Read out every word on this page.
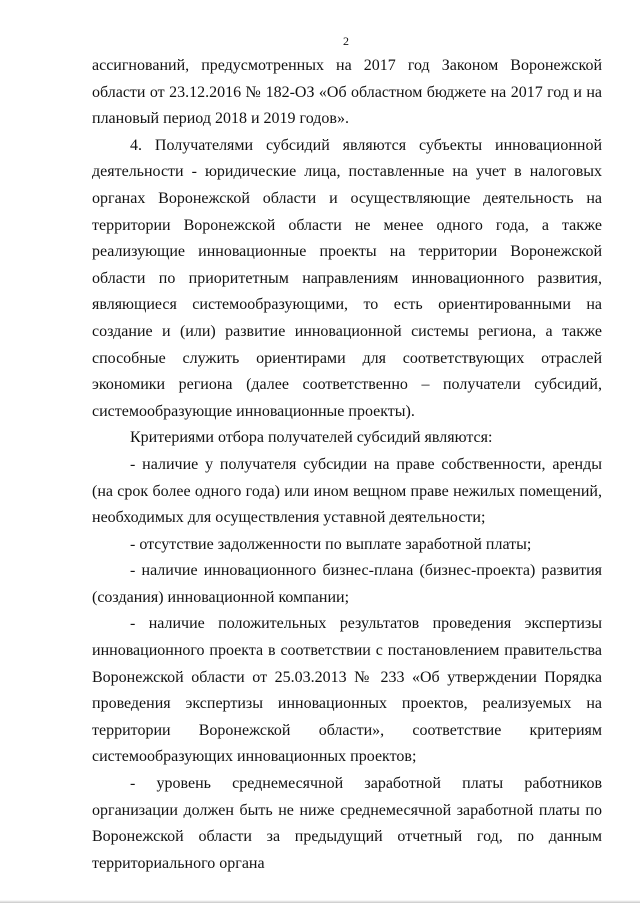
2

ассигнований, предусмотренных на 2017 год Законом Воронежской области от 23.12.2016 № 182-ОЗ «Об областном бюджете на 2017 год и на плановый период 2018 и 2019 годов».

4. Получателями субсидий являются субъекты инновационной деятельности - юридические лица, поставленные на учет в налоговых органах Воронежской области и осуществляющие деятельность на территории Воронежской области не менее одного года, а также реализующие инновационные проекты на территории Воронежской области по приоритетным направлениям инновационного развития, являющиеся системообразующими, то есть ориентированными на создание и (или) развитие инновационной системы региона, а также способные служить ориентирами для соответствующих отраслей экономики региона (далее соответственно – получатели субсидий, системообразующие инновационные проекты).

Критериями отбора получателей субсидий являются:

- наличие у получателя субсидии на праве собственности, аренды (на срок более одного года) или ином вещном праве нежилых помещений, необходимых для осуществления уставной деятельности;

- отсутствие задолженности по выплате заработной платы;

- наличие инновационного бизнес-плана (бизнес-проекта) развития (создания) инновационной компании;

- наличие положительных результатов проведения экспертизы инновационного проекта в соответствии с постановлением правительства Воронежской области от 25.03.2013 № 233 «Об утверждении Порядка проведения экспертизы инновационных проектов, реализуемых на территории Воронежской области», соответствие критериям системообразующих инновационных проектов;

- уровень среднемесячной заработной платы работников организации должен быть не ниже среднемесячной заработной платы по Воронежской области за предыдущий отчетный год, по данным территориального органа
